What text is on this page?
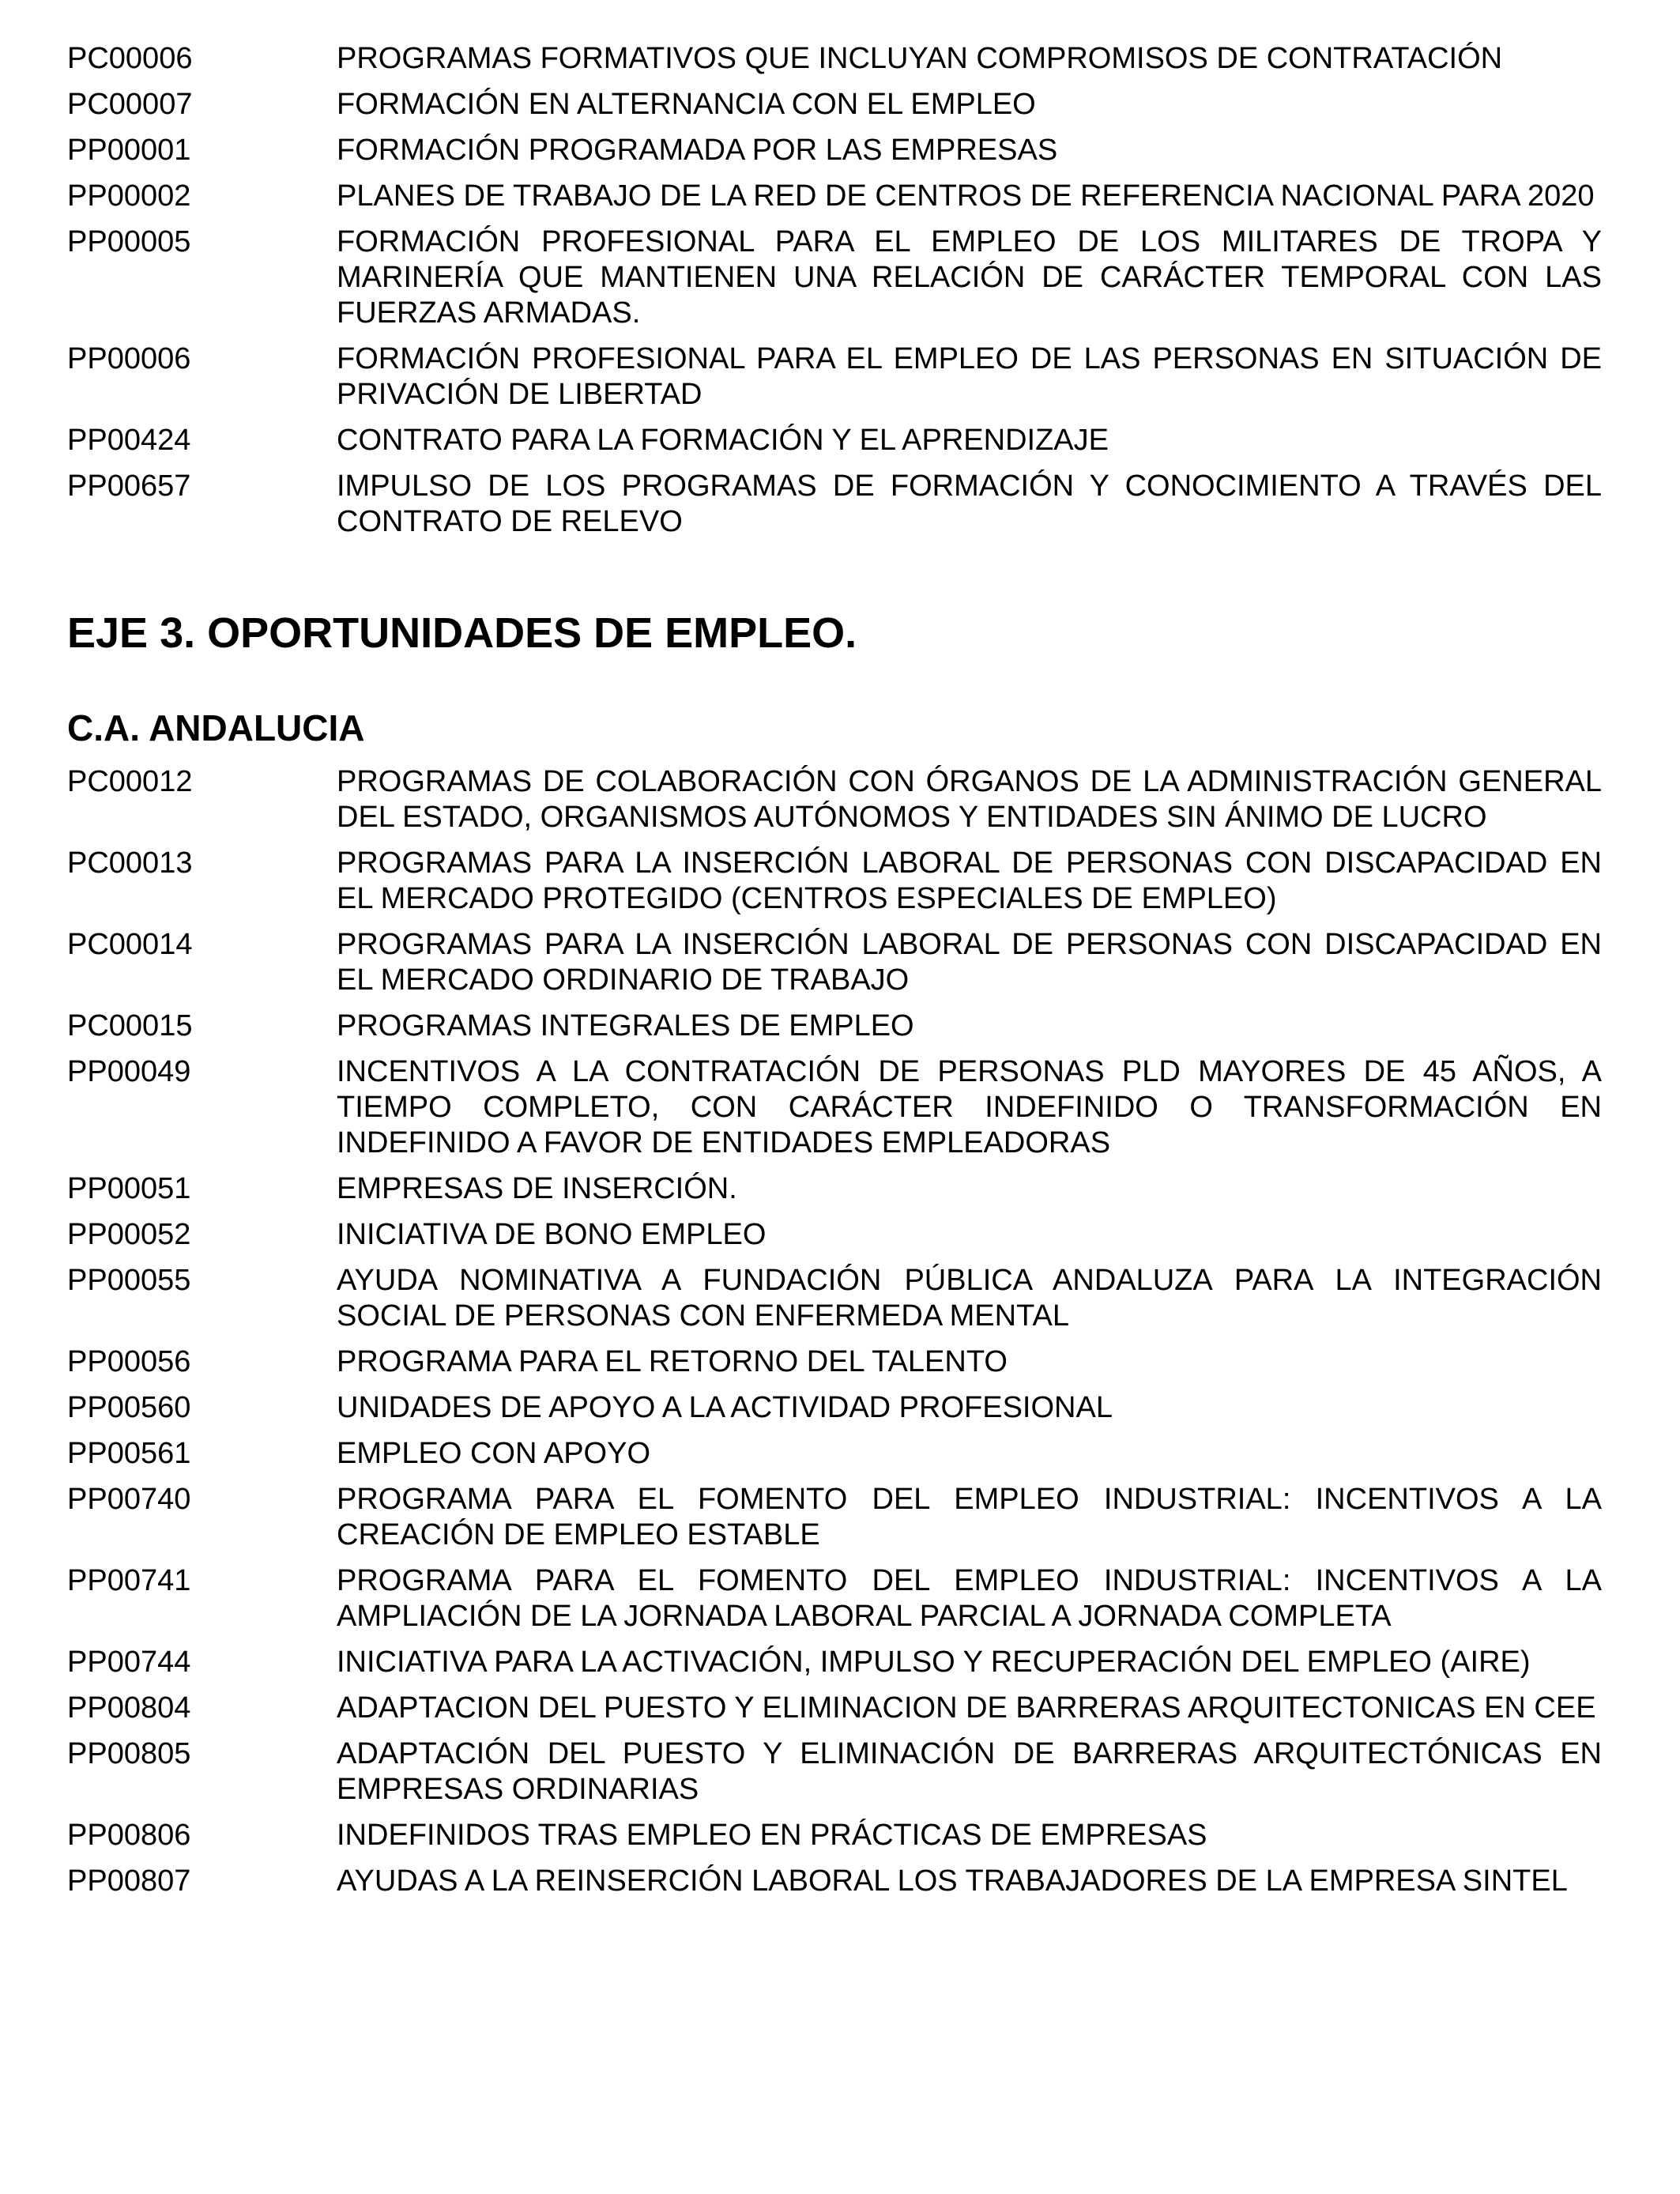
PC00006	PROGRAMAS FORMATIVOS QUE INCLUYAN COMPROMISOS DE CONTRATACIÓN
PC00007	FORMACIÓN EN ALTERNANCIA CON EL EMPLEO
PP00001	FORMACIÓN PROGRAMADA POR LAS EMPRESAS
PP00002	PLANES DE TRABAJO DE LA RED DE CENTROS DE REFERENCIA NACIONAL PARA 2020
PP00005	FORMACIÓN PROFESIONAL PARA EL EMPLEO DE LOS MILITARES DE TROPA Y MARINERÍA QUE MANTIENEN UNA RELACIÓN DE CARÁCTER TEMPORAL CON LAS FUERZAS ARMADAS.
PP00006	FORMACIÓN PROFESIONAL PARA EL EMPLEO DE LAS PERSONAS EN SITUACIÓN DE PRIVACIÓN DE LIBERTAD
PP00424	CONTRATO PARA LA FORMACIÓN Y EL APRENDIZAJE
PP00657	IMPULSO DE LOS PROGRAMAS DE FORMACIÓN Y CONOCIMIENTO A TRAVÉS DEL CONTRATO DE RELEVO
EJE 3. OPORTUNIDADES DE EMPLEO.
C.A. ANDALUCIA
PC00012	PROGRAMAS DE COLABORACIÓN CON ÓRGANOS DE LA ADMINISTRACIÓN GENERAL DEL ESTADO, ORGANISMOS AUTÓNOMOS Y ENTIDADES SIN ÁNIMO DE LUCRO
PC00013	PROGRAMAS PARA LA INSERCIÓN LABORAL DE PERSONAS CON DISCAPACIDAD EN EL MERCADO PROTEGIDO (CENTROS ESPECIALES DE EMPLEO)
PC00014	PROGRAMAS PARA LA INSERCIÓN LABORAL DE PERSONAS CON DISCAPACIDAD EN EL MERCADO ORDINARIO DE TRABAJO
PC00015	PROGRAMAS INTEGRALES DE EMPLEO
PP00049	INCENTIVOS A LA CONTRATACIÓN DE PERSONAS PLD MAYORES DE 45 AÑOS, A TIEMPO COMPLETO, CON CARÁCTER INDEFINIDO O TRANSFORMACIÓN EN INDEFINIDO A FAVOR DE ENTIDADES EMPLEADORAS
PP00051	EMPRESAS DE INSERCIÓN.
PP00052	INICIATIVA DE BONO EMPLEO
PP00055	AYUDA NOMINATIVA A FUNDACIÓN PÚBLICA ANDALUZA PARA LA INTEGRACIÓN SOCIAL DE PERSONAS CON ENFERMEDA MENTAL
PP00056	PROGRAMA PARA EL RETORNO DEL TALENTO
PP00560	UNIDADES DE APOYO A LA ACTIVIDAD PROFESIONAL
PP00561	EMPLEO CON APOYO
PP00740	PROGRAMA PARA EL FOMENTO DEL EMPLEO INDUSTRIAL: INCENTIVOS A LA CREACIÓN DE EMPLEO ESTABLE
PP00741	PROGRAMA PARA EL FOMENTO DEL EMPLEO INDUSTRIAL: INCENTIVOS A LA AMPLIACIÓN DE LA JORNADA LABORAL PARCIAL A JORNADA COMPLETA
PP00744	INICIATIVA PARA LA ACTIVACIÓN, IMPULSO Y RECUPERACIÓN DEL EMPLEO (AIRE)
PP00804	ADAPTACION DEL PUESTO Y ELIMINACION DE BARRERAS ARQUITECTONICAS EN CEE
PP00805	ADAPTACIÓN DEL PUESTO Y ELIMINACIÓN DE BARRERAS ARQUITECTÓNICAS EN EMPRESAS ORDINARIAS
PP00806	INDEFINIDOS TRAS EMPLEO EN PRÁCTICAS DE EMPRESAS
PP00807	AYUDAS A LA REINSERCIÓN LABORAL LOS TRABAJADORES DE LA EMPRESA SINTEL
